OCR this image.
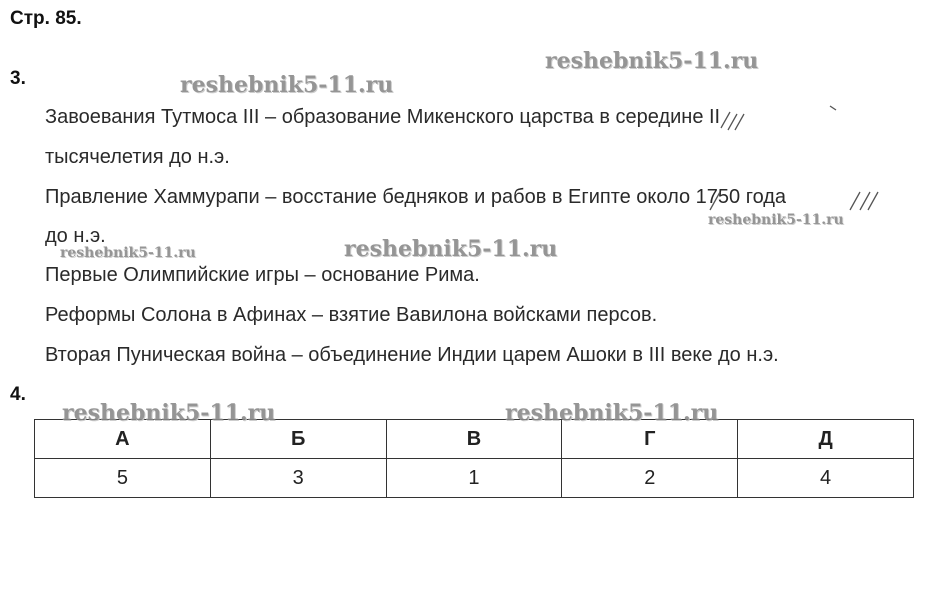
Стр. 85.
3.
Завоевания Тутмоса III – образование Микенского царства в середине II
тысячелетия до н.э.
Правление Хаммурапи – восстание бедняков и рабов в Египте около 1750 года
до н.э.
Первые Олимпийские игры – основание Рима.
Реформы Солона в Афинах – взятие Вавилона войсками персов.
Вторая Пуническая война – объединение Индии царем Ашоки в III веке до н.э.
4.
А	Б	В	Г	Д
5	3	1	2	4
reshebnik5-11.ru
reshebnik5-11.ru
reshebnik5-11.ru
reshebnik5-11.ru	reshebnik5-11.ru
reshebnik5-11.ru	reshebnik5-11.ru
